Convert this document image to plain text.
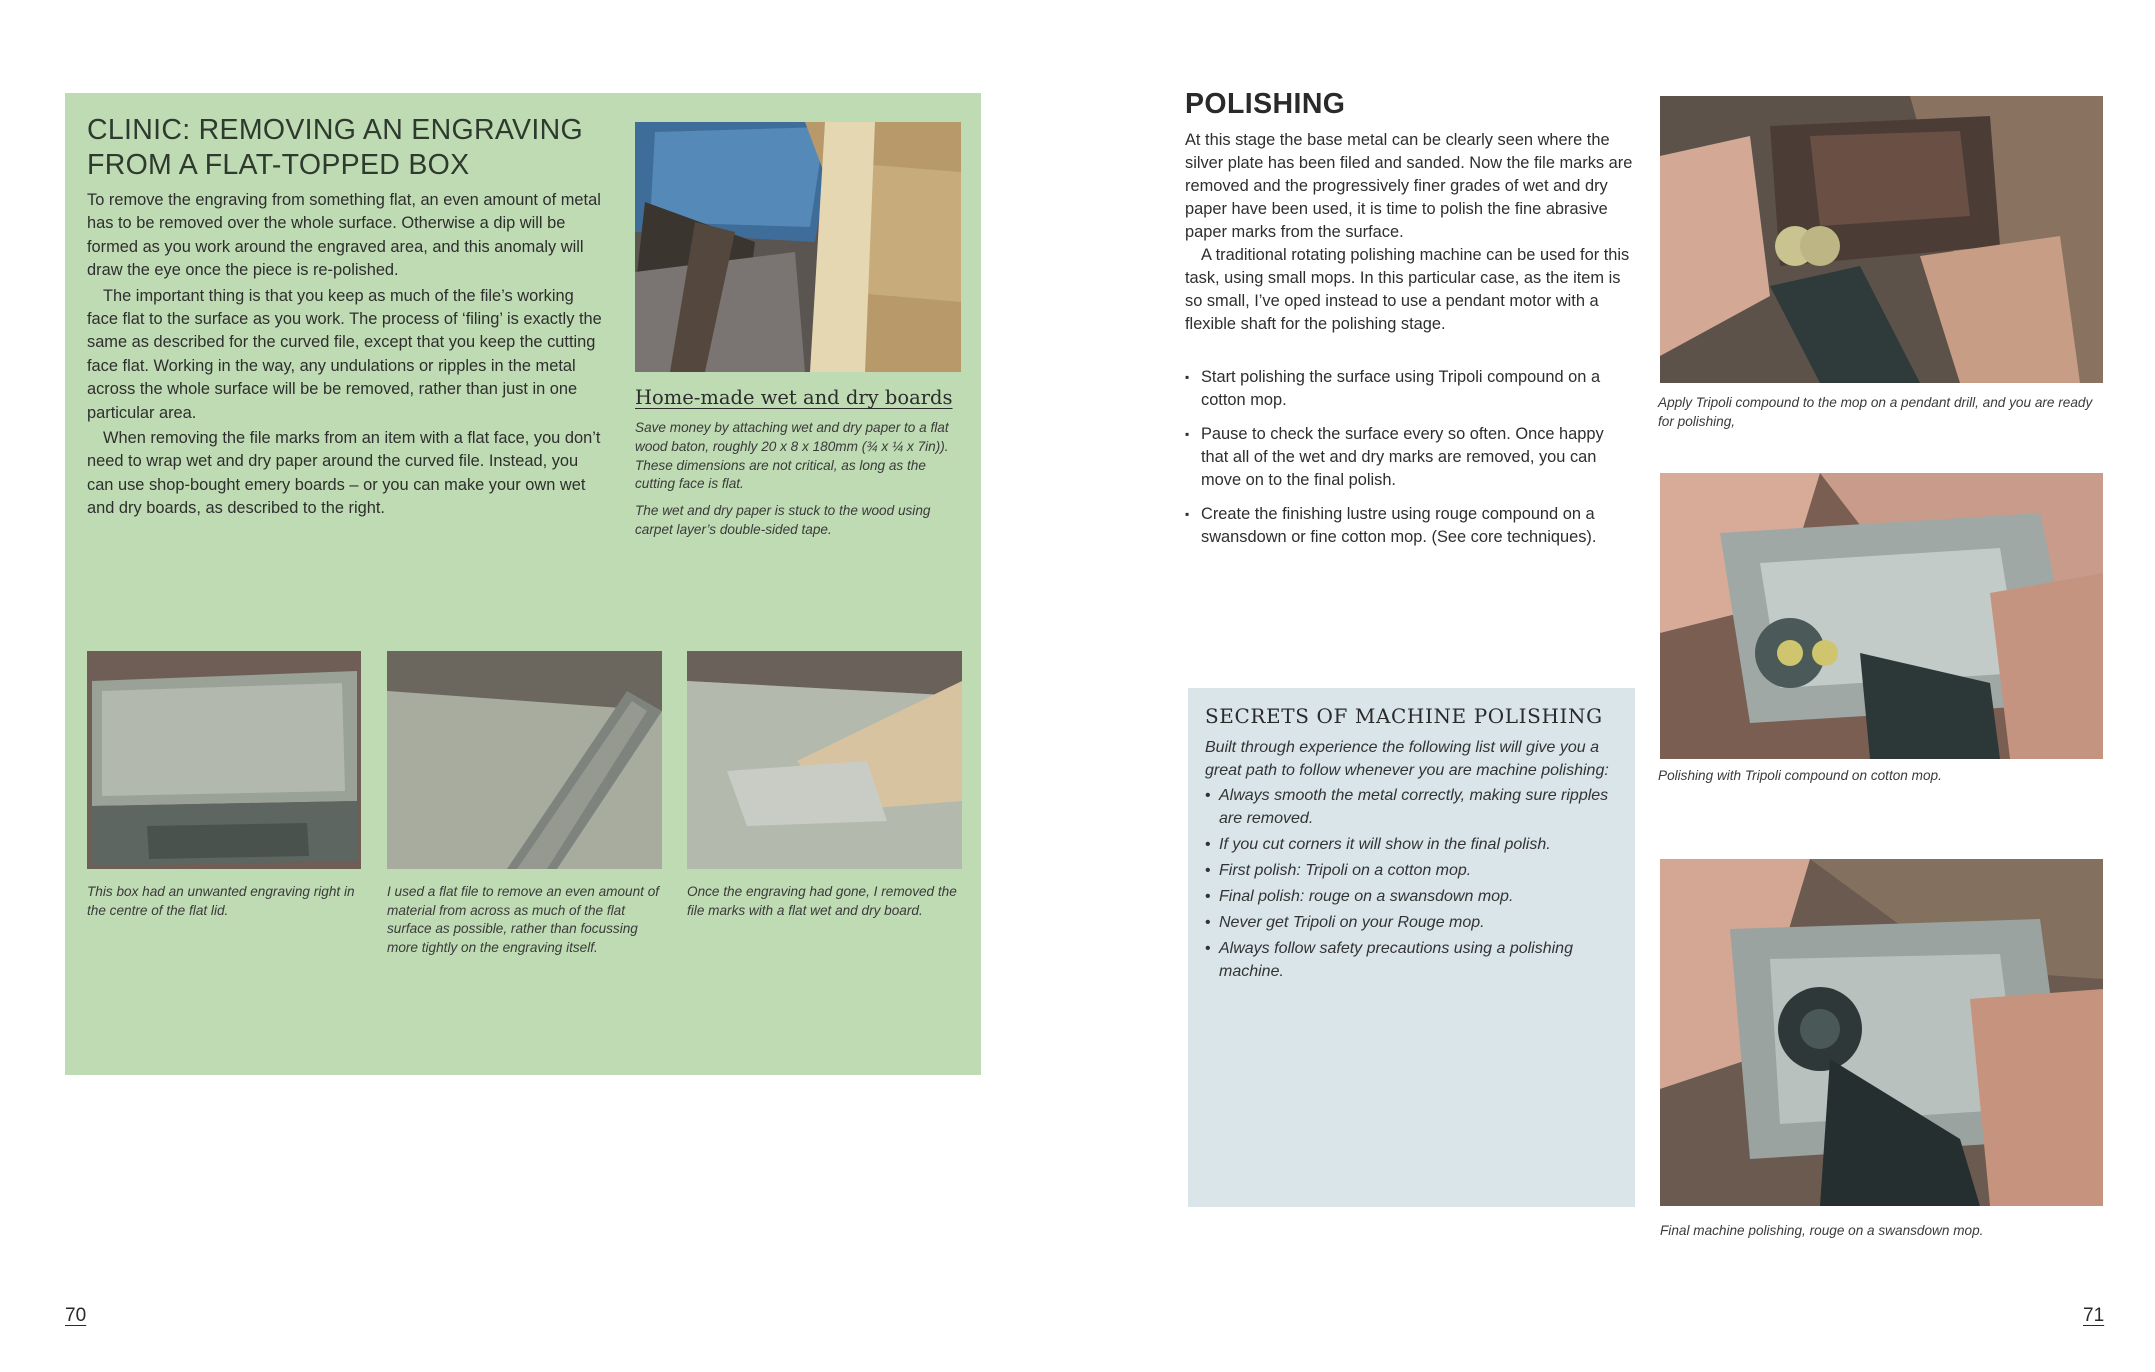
CLINIC: REMOVING AN ENGRAVING FROM A FLAT-TOPPED BOX

To remove the engraving from something flat, an even amount of metal has to be removed over the whole surface. Otherwise a dip will be formed as you work around the engraved area, and this anomaly will draw the eye once the piece is re-polished.

The important thing is that you keep as much of the file’s working face flat to the surface as you work. The process of ‘filing’ is exactly the same as described for the curved file, except that you keep the cutting face flat. Working in the way, any undulations or ripples in the metal across the whole surface will be be removed, rather than just in one particular area.

When removing the file marks from an item with a flat face, you don’t need to wrap wet and dry paper around the curved file. Instead, you can use shop-bought emery boards – or you can make your own wet and dry boards, as described to the right.

Home-made wet and dry boards

Save money by attaching wet and dry paper to a flat wood baton, roughly 20 x 8 x 180mm (¾ x ¼ x 7in)). These dimensions are not critical, as long as the cutting face is flat.

The wet and dry paper is stuck to the wood using carpet layer’s double-sided tape.

This box had an unwanted engraving right in the centre of the flat lid.
I used a flat file to remove an even amount of material from across as much of the flat surface as possible, rather than focussing more tightly on the engraving itself.
Once the engraving had gone, I removed the file marks with a flat wet and dry board.
70
POLISHING

At this stage the base metal can be clearly seen where the silver plate has been filed and sanded. Now the file marks are removed and the progressively finer grades of wet and dry paper have been used, it is time to polish the fine abrasive paper marks from the surface.

A traditional rotating polishing machine can be used for this task, using small mops. In this particular case, as the item is so small, I’ve oped instead to use a pendant motor with a flexible shaft for the polishing stage.

▪ Start polishing the surface using Tripoli compound on a cotton mop.
▪ Pause to check the surface every so often. Once happy that all of the wet and dry marks are removed, you can move on to the final polish.
▪ Create the finishing lustre using rouge compound on a swansdown or fine cotton mop. (See core techniques).
SECRETS OF MACHINE POLISHING
Built through experience the following list will give you a great path to follow whenever you are machine polishing:
• Always smooth the metal correctly, making sure ripples are removed.
• If you cut corners it will show in the final polish.
• First polish: Tripoli on a cotton mop.
• Final polish: rouge on a swansdown mop.
• Never get Tripoli on your Rouge mop.
• Always follow safety precautions using a polishing machine.
Apply Tripoli compound to the mop on a pendant drill, and you are ready for polishing,
Polishing with Tripoli compound on cotton mop.
Final machine polishing, rouge on a swansdown mop.
71
